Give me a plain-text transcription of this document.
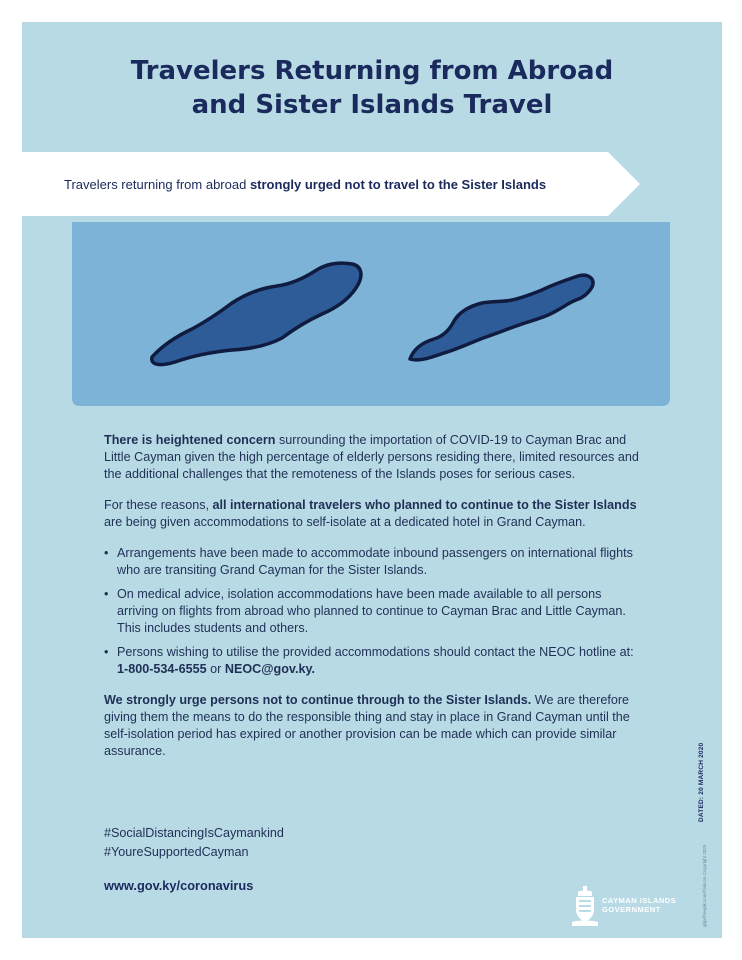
Travelers Returning from Abroad
and Sister Islands Travel
Travelers returning from abroad strongly urged not to travel to the Sister Islands

There is heightened concern surrounding the importation of COVID-19 to Cayman Brac and Little Cayman given the high percentage of elderly persons residing there, limited resources and the additional challenges that the remoteness of the Islands poses for serious cases.

For these reasons, all international travelers who planned to continue to the Sister Islands are being given accommodations to self-isolate at a dedicated hotel in Grand Cayman.

• Arrangements have been made to accommodate inbound passengers on international flights who are transiting Grand Cayman for the Sister Islands.
• On medical advice, isolation accommodations have been made available to all persons arriving on flights from abroad who planned to continue to Cayman Brac and Little Cayman. This includes students and others.
• Persons wishing to utilise the provided accommodations should contact the NEOC hotline at: 1-800-534-6555 or NEOC@gov.ky.

We strongly urge persons not to continue through to the Sister Islands. We are therefore giving them the means to do the responsible thing and stay in place in Grand Cayman until the self-isolation period has expired or another provision can be made which can provide similar assurance.

#SocialDistancingIsCaymankind
#YoureSupportedCayman
www.gov.ky/coronavirus
DATED: 20 MARCH 2020
ghpr/freepik.com/Flaticon Copyright 2020
CAYMAN ISLANDS
GOVERNMENT
